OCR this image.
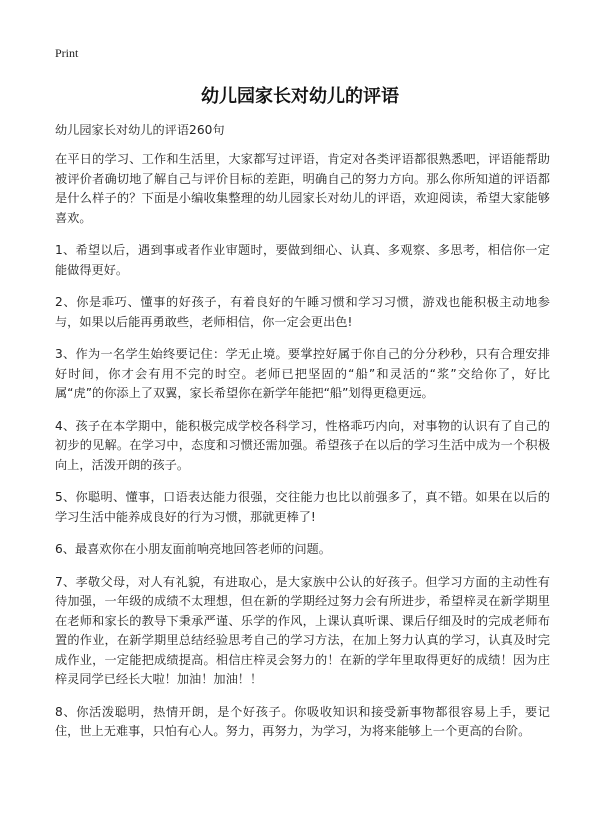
Print
幼儿园家长对幼儿的评语
幼儿园家长对幼儿的评语260句

在平日的学习、工作和生活里，大家都写过评语，肯定对各类评语都很熟悉吧，评语能帮助被评价者确切地了解自己与评价目标的差距，明确自己的努力方向。那么你所知道的评语都是什么样子的？下面是小编收集整理的幼儿园家长对幼儿的评语，欢迎阅读，希望大家能够喜欢。

1、希望以后，遇到事或者作业审题时，要做到细心、认真、多观察、多思考，相信你一定能做得更好。

2、你是乖巧、懂事的好孩子，有着良好的午睡习惯和学习习惯，游戏也能积极主动地参与，如果以后能再勇敢些，老师相信，你一定会更出色!

3、作为一名学生始终要记住：学无止境。要掌控好属于你自己的分分秒秒，只有合理安排好时间，你才会有用不完的时空。老师已把坚固的“船”和灵活的“浆”交给你了，好比属“虎”的你添上了双翼，家长希望你在新学年能把“船”划得更稳更远。

4、孩子在本学期中，能积极完成学校各科学习，性格乖巧内向，对事物的认识有了自己的初步的见解。在学习中，态度和习惯还需加强。希望孩子在以后的学习生活中成为一个积极向上，活泼开朗的孩子。

5、你聪明、懂事，口语表达能力很强，交往能力也比以前强多了，真不错。如果在以后的学习生活中能养成良好的行为习惯，那就更棒了!

6、最喜欢你在小朋友面前响亮地回答老师的问题。

7、孝敬父母，对人有礼貌，有进取心，是大家族中公认的好孩子。但学习方面的主动性有待加强，一年级的成绩不太理想，但在新的学期经过努力会有所进步，希望梓灵在新学期里在老师和家长的教导下秉承严谨、乐学的作风，上课认真听课、课后仔细及时的完成老师布置的作业，在新学期里总结经验思考自己的学习方法，在加上努力认真的学习，认真及时完成作业，一定能把成绩提高。相信庄梓灵会努力的！在新的学年里取得更好的成绩！因为庄梓灵同学已经长大啦！加油！加油！！

8、你活泼聪明，热情开朗，是个好孩子。你吸收知识和接受新事物都很容易上手，要记住，世上无难事，只怕有心人。努力，再努力，为学习，为将来能够上一个更高的台阶。
